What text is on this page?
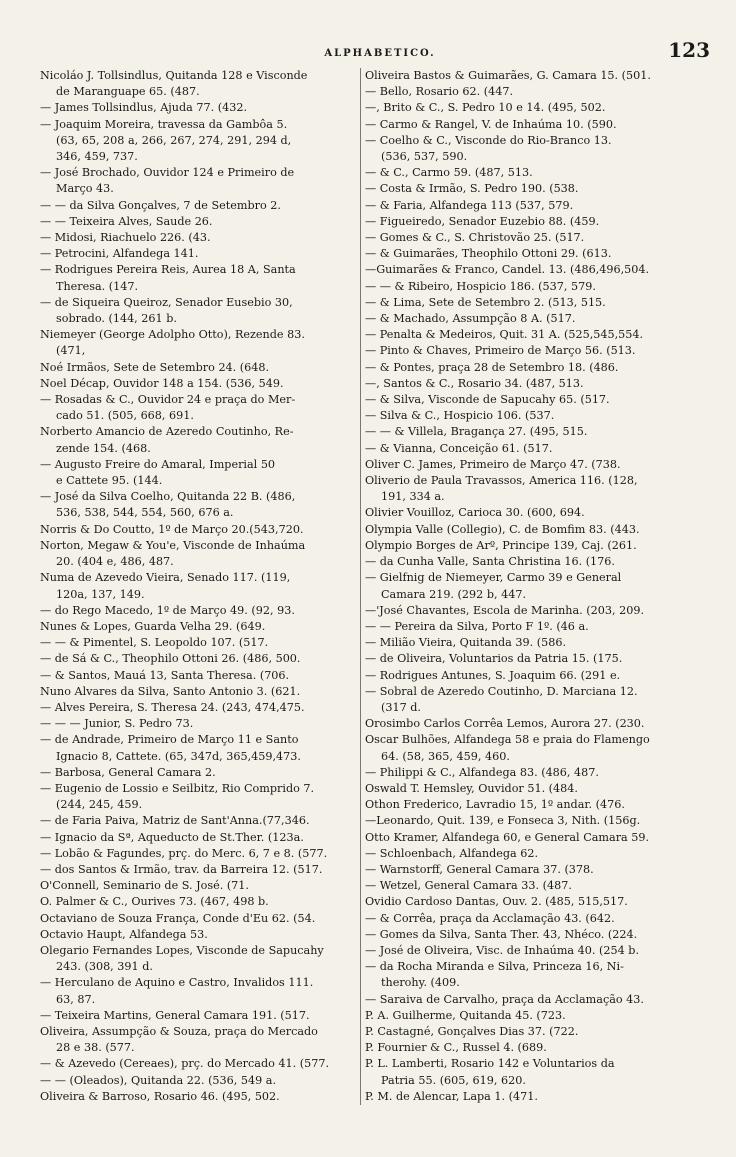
ALPHABETICO.	123
Nicoláo J. Tollsindlus, Quitanda 128 e Visconde
de Maranguape 65. (487.
— James Tollsindlus, Ajuda 77. (432.
— Joaquim Moreira, travessa da Gambôa 5.
(63, 65, 208 a, 266, 267, 274, 291, 294 d,
346, 459, 737.
— José Brochado, Ouvidor 124 e Primeiro de
Março 43.
— — da Silva Gonçalves, 7 de Setembro 2.
— — Teixeira Alves, Saude 26.
— Midosi, Riachuelo 226. (43.
— Petrocini, Alfandega 141.
— Rodrigues Pereira Reis, Aurea 18 A, Santa
Theresa. (147.
— de Siqueira Queiroz, Senador Eusebio 30,
sobrado. (144, 261 b.
Niemeyer (George Adolpho Otto), Rezende 83.
(471,
Noé Irmãos, Sete de Setembro 24. (648.
Noel Décap, Ouvidor 148 a 154. (536, 549.
— Rosadas & C., Ouvidor 24 e praça do Mer-
cado 51. (505, 668, 691.
Norberto Amancio de Azeredo Coutinho, Re-
zende 154. (468.
— Augusto Freire do Amaral, Imperial 50
e Cattete 95. (144.
— José da Silva Coelho, Quitanda 22 B. (486,
536, 538, 544, 554, 560, 676 a.
Norris & Do Coutto, 1º de Março 20.(543,720.
Norton, Megaw & You'e, Visconde de Inhaúma
20. (404 e, 486, 487.
Numa de Azevedo Vieira, Senado 117. (119,
120a, 137, 149.
— do Rego Macedo, 1º de Março 49. (92, 93.
Nunes & Lopes, Guarda Velha 29. (649.
— — & Pimentel, S. Leopoldo 107. (517.
— de Sá & C., Theophilo Ottoni 26. (486, 500.
— & Santos, Mauá 13, Santa Theresa. (706.
Nuno Alvares da Silva, Santo Antonio 3. (621.
— Alves Pereira, S. Theresa 24. (243, 474,475.
— — — Junior, S. Pedro 73.
— de Andrade, Primeiro de Março 11 e Santo
Ignacio 8, Cattete. (65, 347d, 365,459,473.
— Barbosa, General Camara 2.
— Eugenio de Lossio e Seilbitz, Rio Comprido 7.
(244, 245, 459.
— de Faria Paiva, Matriz de Sant'Anna.(77,346.
— Ignacio da Sª, Aqueducto de St.Ther. (123a.
— Lobão & Fagundes, prç. do Merc. 6, 7 e 8. (577.
— dos Santos & Irmão, trav. da Barreira 12. (517.
O'Connell, Seminario de S. José. (71.
O. Palmer & C., Ourives 73. (467, 498 b.
Octaviano de Souza França, Conde d'Eu 62. (54.
Octavio Haupt, Alfandega 53.
Olegario Fernandes Lopes, Visconde de Sapucahy
243. (308, 391 d.
— Herculano de Aquino e Castro, Invalidos 111.
63, 87.
— Teixeira Martins, General Camara 191. (517.
Oliveira, Assumpção & Souza, praça do Mercado
28 e 38. (577.
— & Azevedo (Cereaes), prç. do Mercado 41. (577.
— — (Oleados), Quitanda 22. (536, 549 a.
Oliveira & Barroso, Rosario 46. (495, 502.
Oliveira Bastos & Guimarães, G. Camara 15. (501.
— Bello, Rosario 62. (447.
—, Brito & C., S. Pedro 10 e 14. (495, 502.
— Carmo & Rangel, V. de Inhaúma 10. (590.
— Coelho & C., Visconde do Rio-Branco 13.
(536, 537, 590.
— & C., Carmo 59. (487, 513.
— Costa & Irmão, S. Pedro 190. (538.
— & Faria, Alfandega 113 (537, 579.
— Figueiredo, Senador Euzebio 88. (459.
— Gomes & C., S. Christovão 25. (517.
— & Guimarães, Theophilo Ottoni 29. (613.
—Guimarães & Franco, Candel. 13. (486,496,504.
— — & Ribeiro, Hospicio 186. (537, 579.
— & Lima, Sete de Setembro 2. (513, 515.
— & Machado, Assumpção 8 A. (517.
— Penalta & Medeiros, Quit. 31 A. (525,545,554.
— Pinto & Chaves, Primeiro de Março 56. (513.
— & Pontes, praça 28 de Setembro 18. (486.
—, Santos & C., Rosario 34. (487, 513.
— & Silva, Visconde de Sapucahy 65. (517.
— Silva & C., Hospicio 106. (537.
— — & Villela, Bragança 27. (495, 515.
— & Vianna, Conceição 61. (517.
Oliver C. James, Primeiro de Março 47. (738.
Oliverio de Paula Travassos, America 116. (128,
191, 334 a.
Olivier Vouilloz, Carioca 30. (600, 694.
Olympia Valle (Collegio), C. de Bomfim 83. (443.
Olympio Borges de Arº, Principe 139, Caj. (261.
— da Cunha Valle, Santa Christina 16. (176.
— Gielfnig de Niemeyer, Carmo 39 e General
Camara 219. (292 b, 447.
—'José Chavantes, Escola de Marinha. (203, 209.
— — Pereira da Silva, Porto F 1º. (46 a.
— Milião Vieira, Quitanda 39. (586.
— de Oliveira, Voluntarios da Patria 15. (175.
— Rodrigues Antunes, S. Joaquim 66. (291 e.
— Sobral de Azeredo Coutinho, D. Marciana 12.
(317 d.
Orosimbo Carlos Corrêa Lemos, Aurora 27. (230.
Oscar Bulhões, Alfandega 58 e praia do Flamengo
64. (58, 365, 459, 460.
— Philippi & C., Alfandega 83. (486, 487.
Oswald T. Hemsley, Ouvidor 51. (484.
Othon Frederico, Lavradio 15, 1º andar. (476.
—Leonardo, Quit. 139, e Fonseca 3, Nith. (156g.
Otto Kramer, Alfandega 60, e General Camara 59.
— Schloenbach, Alfandega 62.
— Warnstorff, General Camara 37. (378.
— Wetzel, General Camara 33. (487.
Ovidio Cardoso Dantas, Ouv. 2. (485, 515,517.
— & Corrêa, praça da Acclamação 43. (642.
— Gomes da Silva, Santa Ther. 43, Nhéco. (224.
— José de Oliveira, Visc. de Inhaúma 40. (254 b.
— da Rocha Miranda e Silva, Princeza 16, Ni-
therohy. (409.
— Saraiva de Carvalho, praça da Acclamação 43.
P. A. Guilherme, Quitanda 45. (723.
P. Castagné, Gonçalves Dias 37. (722.
P. Fournier & C., Russel 4. (689.
P. L. Lamberti, Rosario 142 e Voluntarios da
Patria 55. (605, 619, 620.
P. M. de Alencar, Lapa 1. (471.
